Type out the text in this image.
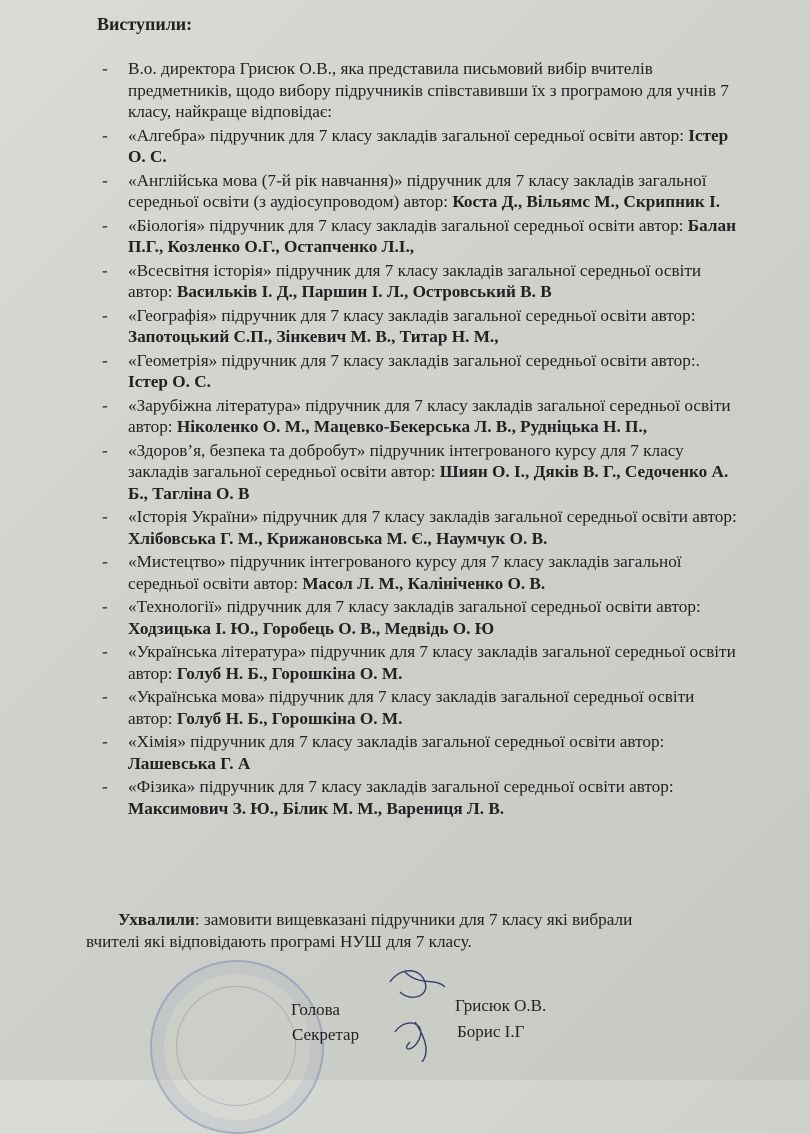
Виступили:
- В.о. директора Грисюк О.В., яка представила письмовий вибір вчителів предметників, щодо вибору підручників співставивши їх з програмою для учнів 7 класу, найкраще відповідає:
- «Алгебра» підручник для 7 класу закладів загальної середньої освіти автор: Істер О. С.
- «Англійська мова (7-й рік навчання)» підручник для 7 класу закладів загальної середньої освіти (з аудіосупроводом) автор: Коста Д., Вільямс М., Скрипник І.
- «Біологія» підручник для 7 класу закладів загальної середньої освіти автор: Балан П.Г., Козленко О.Г., Остапченко Л.І.,
- «Всесвітня історія» підручник для 7 класу закладів загальної середньої освіти автор: Васильків І. Д., Паршин І. Л., Островський В. В
- «Географія» підручник для 7 класу закладів загальної середньої освіти автор: Запотоцький С.П., Зінкевич М. В., Титар Н. М.,
- «Геометрія» підручник для 7 класу закладів загальної середньої освіти автор:. Істер О. С.
- «Зарубіжна література» підручник для 7 класу закладів загальної середньої освіти автор: Ніколенко О. М., Мацевко-Бекерська Л. В., Рудніцька Н. П.,
- «Здоров’я, безпека та добробут» підручник інтегрованого курсу для 7 класу закладів загальної середньої освіти автор: Шиян О. І., Дяків В. Г., Седоченко А. Б., Тагліна О. В
- «Історія України» підручник для 7 класу закладів загальної середньої освіти автор: Хлібовська Г. М., Крижановська М. Є., Наумчук О. В.
- «Мистецтво» підручник інтегрованого курсу для 7 класу закладів загальної середньої освіти автор: Масол Л. М., Калініченко О. В.
- «Технології» підручник для 7 класу закладів загальної середньої освіти автор: Ходзицька І. Ю., Горобець О. В., Медвідь О. Ю
- «Українська література» підручник для 7 класу закладів загальної середньої освіти автор: Голуб Н. Б., Горошкіна О. М.
- «Українська мова» підручник для 7 класу закладів загальної середньої освіти автор: Голуб Н. Б., Горошкіна О. М.
- «Хімія» підручник для 7 класу закладів загальної середньої освіти автор: Лашевська Г. А
- «Фізика» підручник для 7 класу закладів загальної середньої освіти автор: Максимович З. Ю., Білик М. М., Варениця Л. В.
Ухвалили: замовити вищевказані підручники для 7 класу які вибрали
вчителі які відповідають програмі НУШ для 7 класу.
Голова
Секретар
Грисюк О.В.
Борис І.Г
